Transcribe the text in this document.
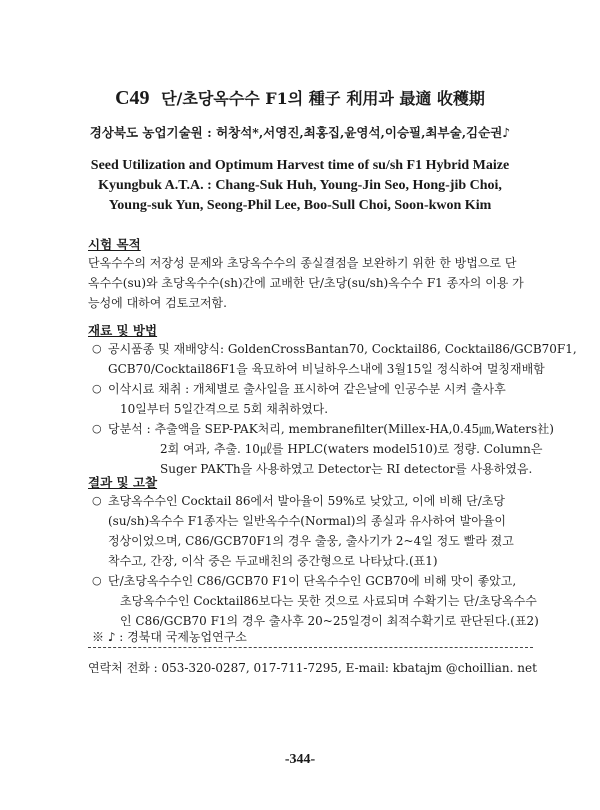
C49 단/초당옥수수 F1의 種子 利用과 最適 收穫期
경상북도 농업기술원 : 허창석*,서영진,최홍집,윤영석,이승필,최부술,김순권♪
Seed Utilization and Optimum Harvest time of su/sh F1 Hybrid Maize
Kyungbuk A.T.A. : Chang-Suk Huh, Young-Jin Seo, Hong-jib Choi,
Young-suk Yun, Seong-Phil Lee, Boo-Sull Choi, Soon-kwon Kim
시험 목적
단옥수수의 저장성 문제와 초당옥수수의 종실결점을 보완하기 위한 한 방법으로 단
옥수수(su)와 초당옥수수(sh)간에 교배한 단/초당(su/sh)옥수수 F1 종자의 이용 가
능성에 대하여 검토코저함.
재료 및 방법
○ 공시품종 및 재배양식: GoldenCrossBantan70, Cocktail86, Cocktail86/GCB70F1,
GCB70/Cocktail86F1을 육묘하여 비닐하우스내에 3월15일 정식하여 멀칭재배함
○ 이삭시료 채취 : 개체별로 출사일을 표시하여 같은날에 인공수분 시켜 출사후
10일부터 5일간격으로 5회 채취하였다.
○ 당분석 : 추출액을 SEP-PAK처리, membranefilter(Millex-HA,0.45㎛,Waters社)
2회 여과, 추출. 10㎕를 HPLC(waters model510)로 정량. Column은
Suger PAKTh을 사용하였고 Detector는 RI detector를 사용하였음.
결과 및 고찰
○ 초당옥수수인 Cocktail 86에서 발아율이 59%로 낮았고, 이에 비해 단/초당
(su/sh)옥수수 F1종자는 일반옥수수(Normal)의 종실과 유사하여 발아율이
정상이었으며, C86/GCB70F1의 경우 출웅, 출사기가 2~4일 정도 빨라 졌고
착수고, 간장, 이삭 중은 두교배친의 중간형으로 나타났다.(표1)
○ 단/초당옥수수인 C86/GCB70 F1이 단옥수수인 GCB70에 비해 맛이 좋았고,
초당옥수수인 Cocktail86보다는 못한 것으로 사료되며 수확기는 단/초당옥수수
인 C86/GCB70 F1의 경우 출사후 20~25일경이 최적수확기로 판단된다.(표2)
※ ♪ : 경북대 국제농업연구소
연락처 전화 : 053-320-0287, 017-711-7295, E-mail: kbatajm @choillian. net
-344-
